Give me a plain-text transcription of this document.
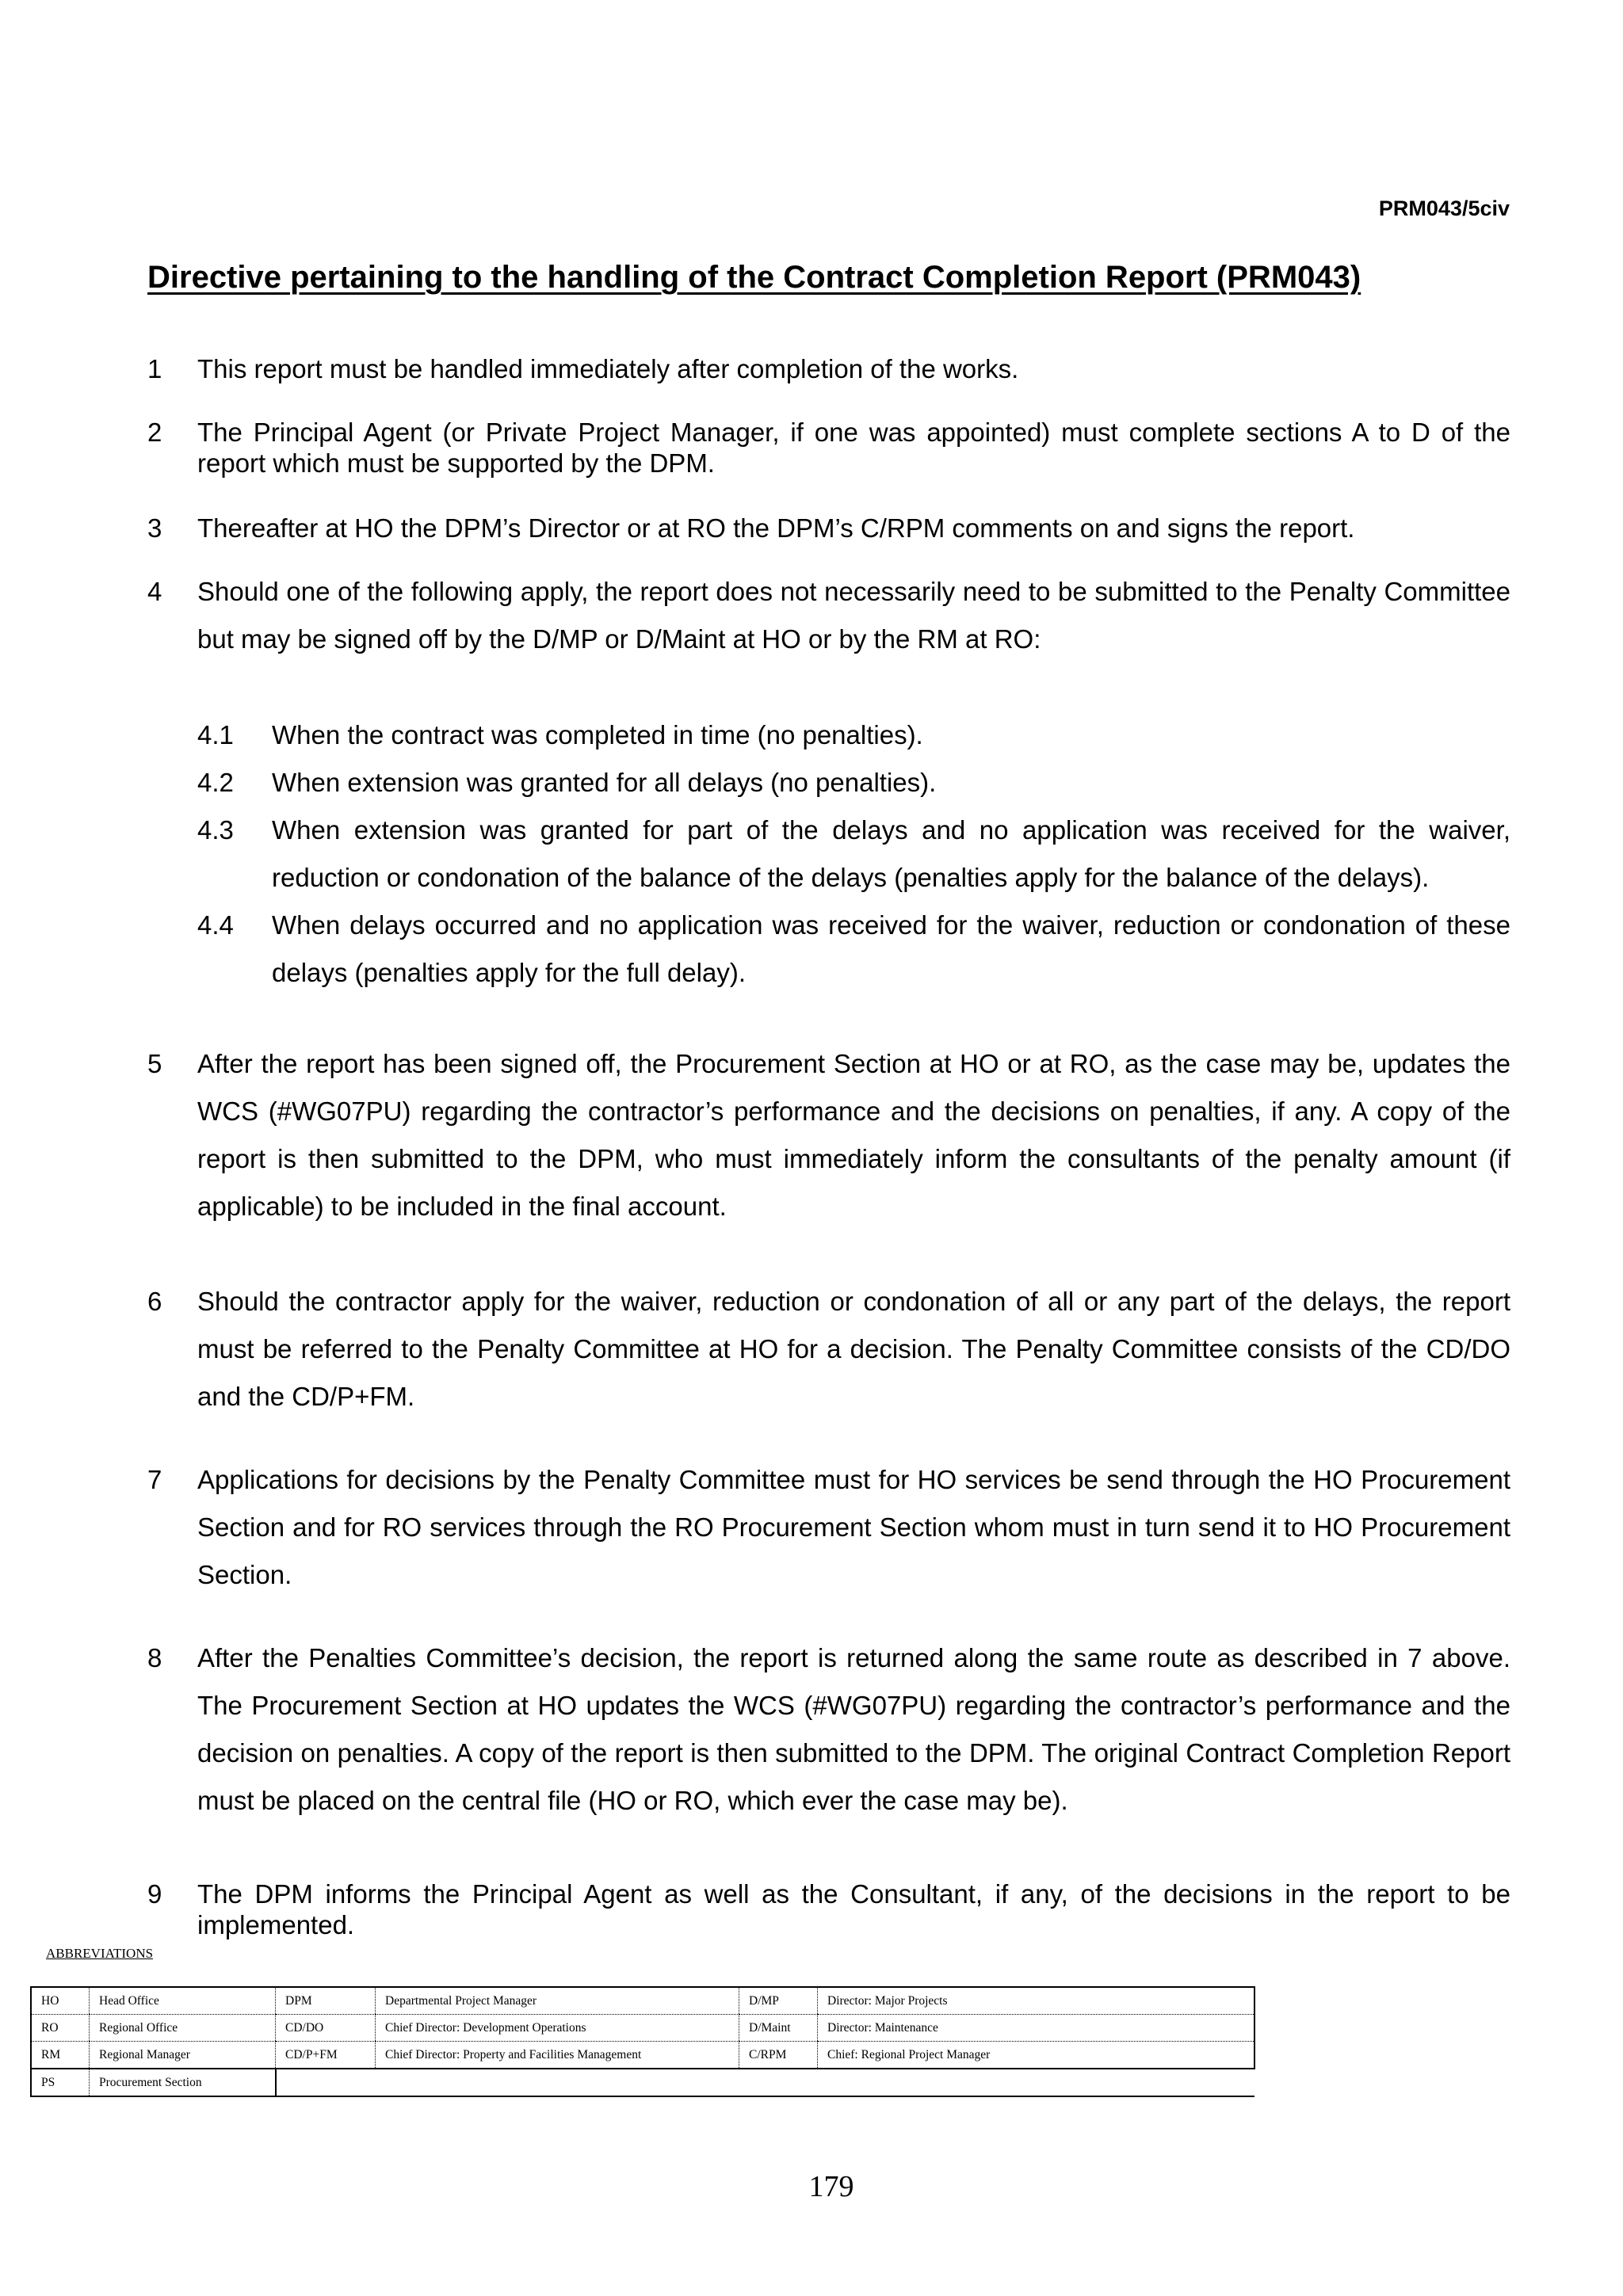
PRM043/5civ
Directive pertaining to the handling of the Contract Completion Report (PRM043)
1	This report must be handled immediately after completion of the works.
2	The Principal Agent (or Private Project Manager, if one was appointed) must complete sections A to D of the report which must be supported by the DPM.
3	Thereafter at HO the DPM’s Director or at RO the DPM’s C/RPM comments on and signs the report.
4	Should one of the following apply, the report does not necessarily need to be submitted to the Penalty Committee but may be signed off by the D/MP or D/Maint at HO or by the RM at RO:
4.1 When the contract was completed in time (no penalties).
4.2 When extension was granted for all delays (no penalties).
4.3 When extension was granted for part of the delays and no application was received for the waiver, reduction or condonation of the balance of the delays (penalties apply for the balance of the delays).
4.4 When delays occurred and no application was received for the waiver, reduction or condonation of these delays (penalties apply for the full delay).
5	After the report has been signed off, the Procurement Section at HO or at RO, as the case may be, updates the WCS (#WG07PU) regarding the contractor’s performance and the decisions on penalties, if any. A copy of the report is then submitted to the DPM, who must immediately inform the consultants of the penalty amount (if applicable) to be included in the final account.
6	Should the contractor apply for the waiver, reduction or condonation of all or any part of the delays, the report must be referred to the Penalty Committee at HO for a decision. The Penalty Committee consists of the CD/DO and the CD/P+FM.
7	Applications for decisions by the Penalty Committee must for HO services be send through the HO Procurement Section and for RO services through the RO Procurement Section whom must in turn send it to HO Procurement Section.
8	After the Penalties Committee’s decision, the report is returned along the same route as described in 7 above. The Procurement Section at HO updates the WCS (#WG07PU) regarding the contractor’s performance and the decision on penalties. A copy of the report is then submitted to the DPM. The original Contract Completion Report must be placed on the central file (HO or RO, which ever the case may be).
9	The DPM informs the Principal Agent as well as the Consultant, if any, of the decisions in the report to be implemented.
ABBREVIATIONS
HO	Head Office	DPM	Departmental Project Manager	D/MP	Director: Major Projects
RO	Regional Office	CD/DO	Chief Director: Development Operations	D/Maint	Director: Maintenance
RM	Regional Manager	CD/P+FM	Chief Director: Property and Facilities Management	C/RPM	Chief: Regional Project Manager
PS	Procurement Section				
179
